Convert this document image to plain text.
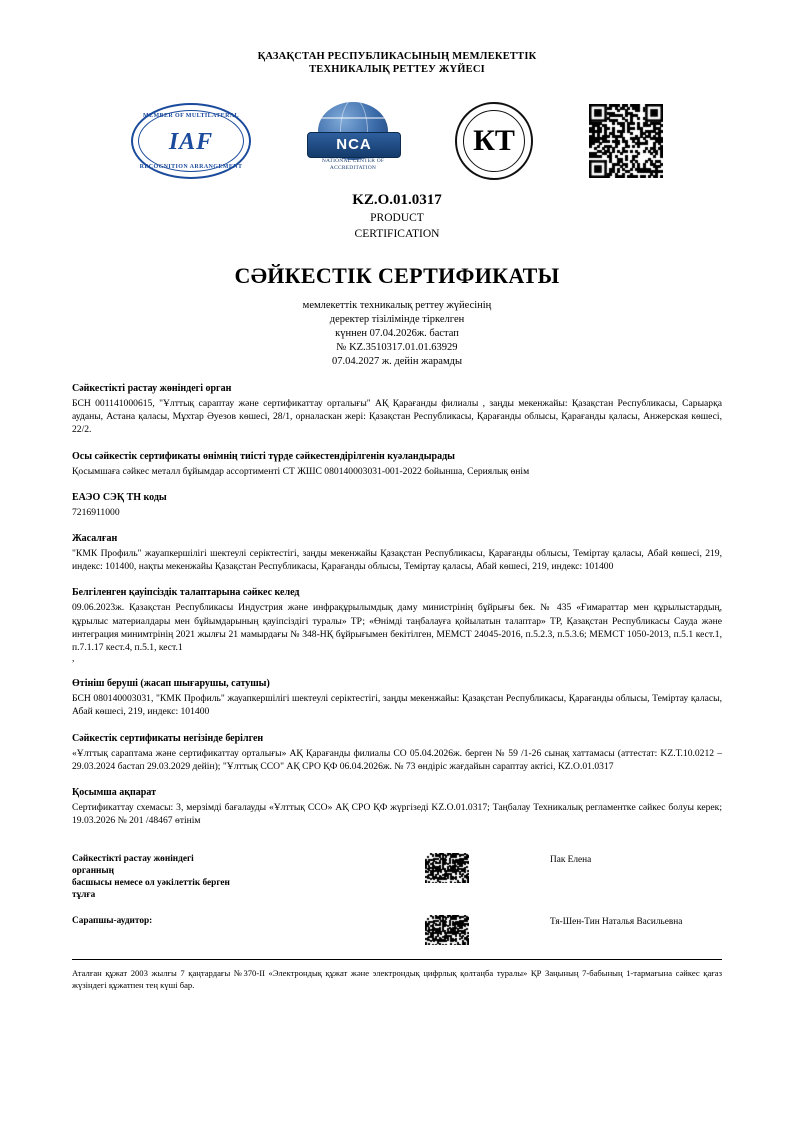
ҚАЗАҚСТАН РЕСПУБЛИКАСЫНЫҢ МЕМЛЕКЕТТІК
ТЕХНИКАЛЫҚ РЕТТЕУ ЖҮЙЕСІ
MEMBER OF MULTILATERAL
IAF
RECOGNITION ARRANGEMENT
NCA
NATIONAL CENTER OF ACCREDITATION
КТ
KZ.O.01.0317
PRODUCT
CERTIFICATION
СӘЙКЕСТІК СЕРТИФИКАТЫ
мемлекеттік техникалық реттеу жүйесінің
деректер тізілімінде тіркелген
күннен 07.04.2026ж. бастап
№ KZ.3510317.01.01.63929
07.04.2027 ж. дейін жарамды
Сәйкестікті растау жөніндегі орган
БСН 001141000615, "Ұлттық сараптау және сертификаттау орталығы" АҚ Қарағанды филиалы , заңды мекенжайы: Қазақстан Республикасы, Сарыарқа ауданы, Астана қаласы, Мұхтар Әуезов көшесі, 28/1, орналаскан жері: Қазақстан Республикасы, Қарағанды облысы, Қарағанды қаласы, Анжерская көшесі, 22/2.
Осы сәйкестік сертификаты өнімнің тиісті түрде сәйкестендірілгенін куәландырады
Қосымшаға сәйкес металл бұйымдар ассортименті СТ ЖШС 080140003031-001-2022 бойынша, Сериялық өнім
ЕАЭО СЭҚ ТН коды
7216911000
Жасалған
"КМК Профиль" жауапкершілігі шектеулі серіктестігі, заңды мекенжайы Қазақстан Республикасы, Қарағанды облысы, Теміртау қаласы, Абай көшесі, 219, индекс: 101400, нақты мекенжайы Қазақстан Республикасы, Қарағанды облысы, Теміртау қаласы, Абай көшесі, 219, индекс: 101400
Белгіленген қауіпсіздік талаптарына сәйкес келед
09.06.2023ж. Қазақстан Республикасы Индустрия және инфрақұрылымдық даму министрінің бұйрығы бек. № 435 «Ғимараттар мен құрылыстардың, құрылыс материалдары мен бұйымдарының қауіпсіздігі туралы» ТР; «Өнімді таңбалауға қойылатын талаптар» ТР, Қазақстан Республикасы Сауда және интеграция минимтрінің 2021 жылғы 21 мамырдағы № 348-НҚ бұйрығымен бекітілген, МЕМСТ 24045-2016, п.5.2.3, п.5.3.6; МЕМСТ 1050-2013, п.5.1 кест.1, п.7.1.17 кест.4, п.5.1, кест.1
,
Өтініш беруші (жасап шығарушы, сатушы)
БСН 080140003031, "КМК Профиль" жауапкершілігі шектеулі серіктестігі, заңды мекенжайы: Қазақстан Республикасы, Қарағанды облысы, Теміртау қаласы, Абай көшесі, 219, индекс: 101400
Сәйкестік сертификаты негізінде берілген
«Ұлттық сараптама және сертификаттау орталығы» АҚ Қарағанды филиалы СО 05.04.2026ж. берген № 59 /1-26 сынақ хаттамасы (аттестат: KZ.Т.10.0212 – 29.03.2024 бастап 29.03.2029 дейін); "Ұлттық ССО" АҚ СРО ҚФ 06.04.2026ж. № 73 өндіріс жағдайын сараптау актісі, KZ.O.01.0317
Қосымша ақпарат
Сертификаттау схемасы: 3, мерзімді бағалауды «Ұлттық ССО» АҚ СРО ҚФ жүргізеді KZ.O.01.0317; Таңбалау Техникалық регламенткe сәйкес болуы керек; 19.03.2026 № 201 /48467 өтінім
Сәйкестікті растау жөніндегі
органның
басшысы немесе ол уәкілеттік берген
тұлға
Пак Елена
Сарапшы-аудитор:	Тя-Шен-Тин Наталья Васильевна
Аталған құжат 2003 жылғы 7 қаңтардағы №370-II «Электрондық құжат және электрондық цифрлық қолтаңба туралы» ҚР Заңының 7-бабының 1-тармағына сәйкес қағаз жүзіндегі құжатпен тең күші бар.
